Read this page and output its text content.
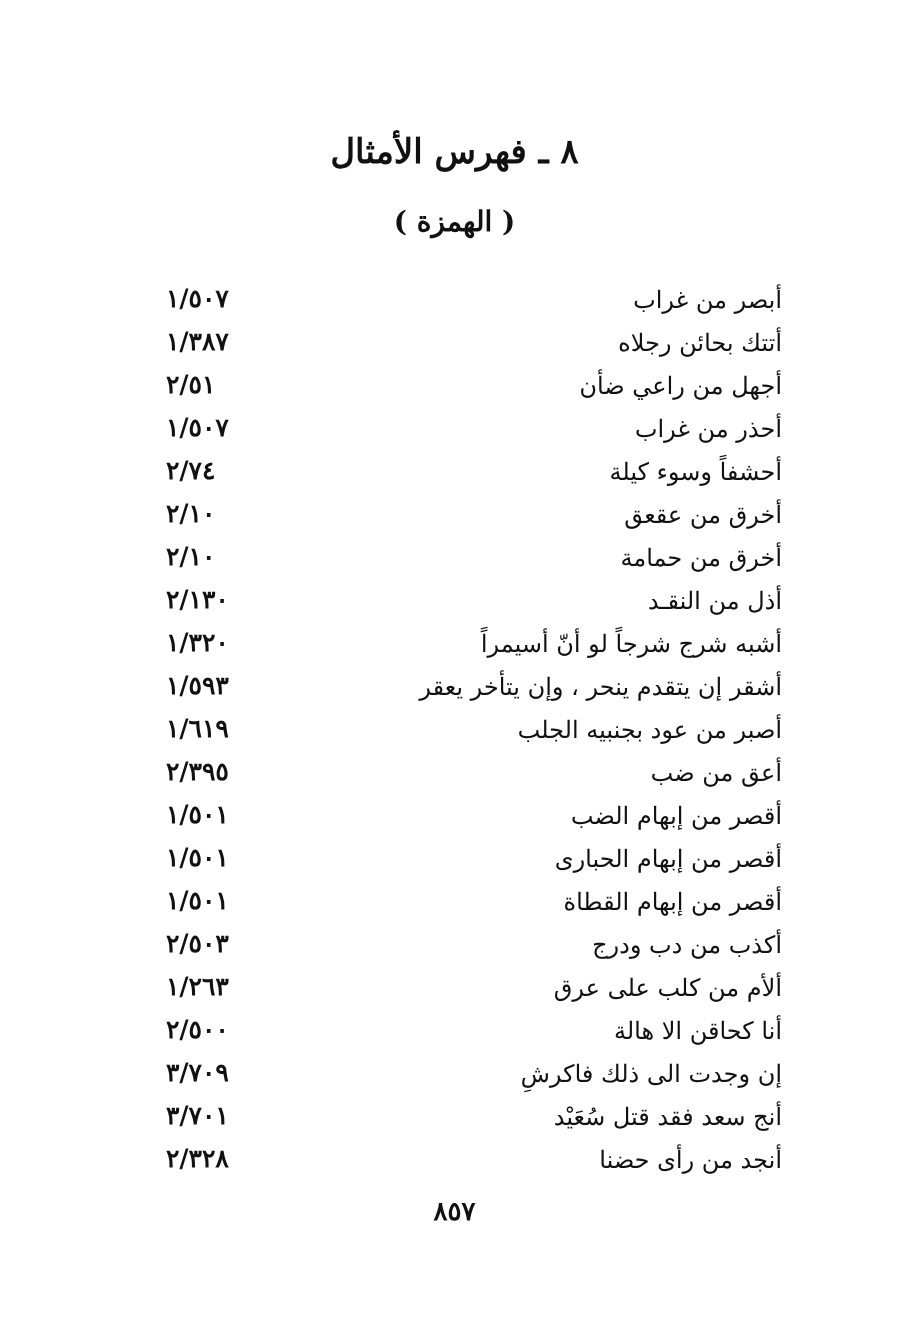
٨ ـ فهرس الأمثال
( الهمزة )
أبصر من غراب
١/٥٠٧
أتتك بحائن رجلاه
١/٣٨٧
أجهل من راعي ضأن
٢/٥١
أحذر من غراب
١/٥٠٧
أحشفاً وسوء كيلة
٢/٧٤
أخرق من عقعق
٢/١٠
أخرق من حمامة
٢/١٠
أذل من النقـد
٢/١٣٠
أشبه شرج شرجاً لو أنّ أسيمراً
١/٣٢٠
أشقر إن يتقدم ينحر ، وإن يتأخر يعقر
١/٥٩٣
أصبر من عود بجنبيه الجلب
١/٦١٩
أعق من ضب
٢/٣٩٥
أقصر من إبهام الضب
١/٥٠١
أقصر من إبهام الحبارى
١/٥٠١
أقصر من إبهام القطاة
١/٥٠١
أكذب من دب ودرج
٢/٥٠٣
ألأم من كلب على عرق
١/٢٦٣
أنا كحاقن الا هالة
٢/٥٠٠
إن وجدت الى ذلك فاكرشِ
٣/٧٠٩
أنج سعد فقد قتل سُعَيْد
٣/٧٠١
أنجد من رأى حضنا
٢/٣٢٨
٨٥٧
